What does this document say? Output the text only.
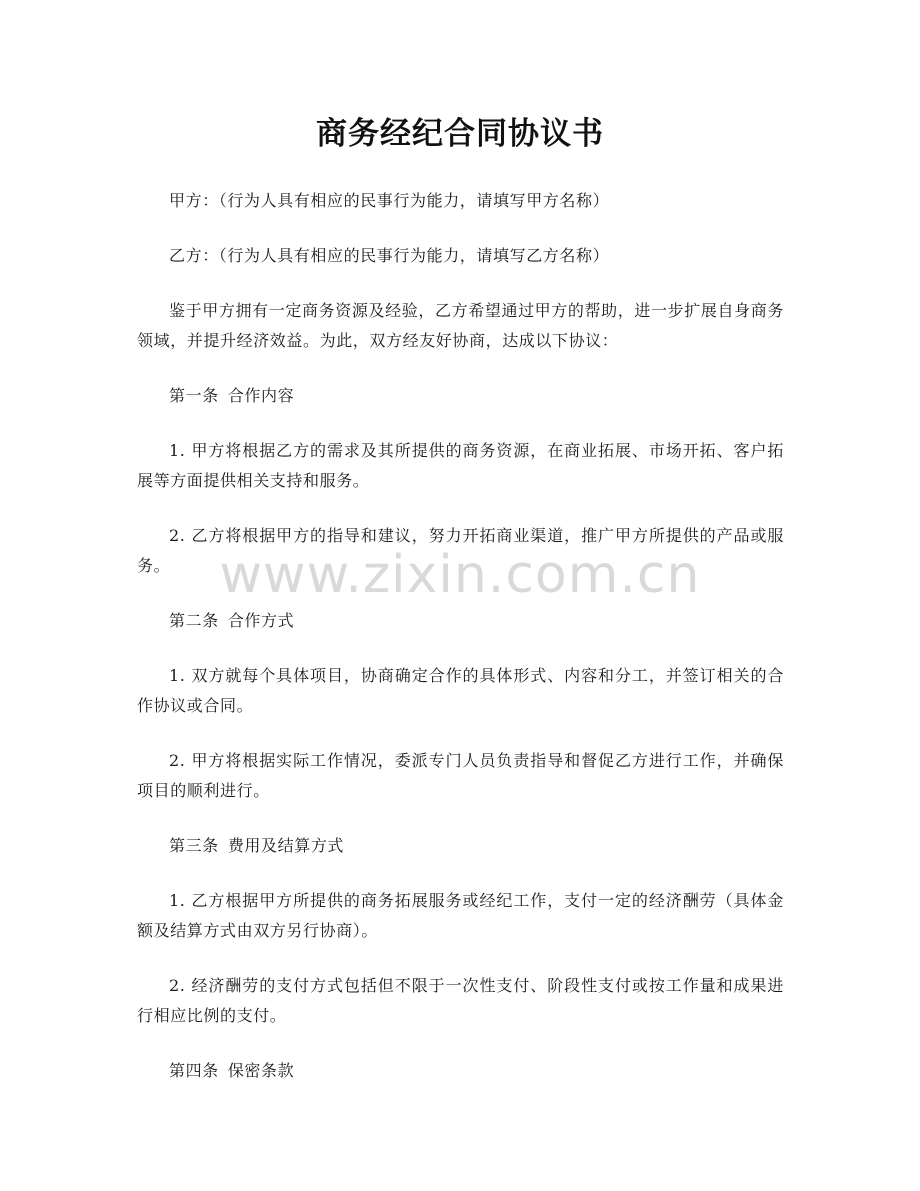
商务经纪合同协议书

甲方：（行为人具有相应的民事行为能力，请填写甲方名称）

乙方：（行为人具有相应的民事行为能力，请填写乙方名称）

鉴于甲方拥有一定商务资源及经验，乙方希望通过甲方的帮助，进一步扩展自身商务领域，并提升经济效益。为此，双方经友好协商，达成以下协议：

第一条 合作内容

1. 甲方将根据乙方的需求及其所提供的商务资源，在商业拓展、市场开拓、客户拓展等方面提供相关支持和服务。

2. 乙方将根据甲方的指导和建议，努力开拓商业渠道，推广甲方所提供的产品或服务。

第二条 合作方式

1. 双方就每个具体项目，协商确定合作的具体形式、内容和分工，并签订相关的合作协议或合同。

2. 甲方将根据实际工作情况，委派专门人员负责指导和督促乙方进行工作，并确保项目的顺利进行。

第三条 费用及结算方式

1. 乙方根据甲方所提供的商务拓展服务或经纪工作，支付一定的经济酬劳（具体金额及结算方式由双方另行协商）。

2. 经济酬劳的支付方式包括但不限于一次性支付、阶段性支付或按工作量和成果进行相应比例的支付。

第四条 保密条款

www.zixin.com.cn
